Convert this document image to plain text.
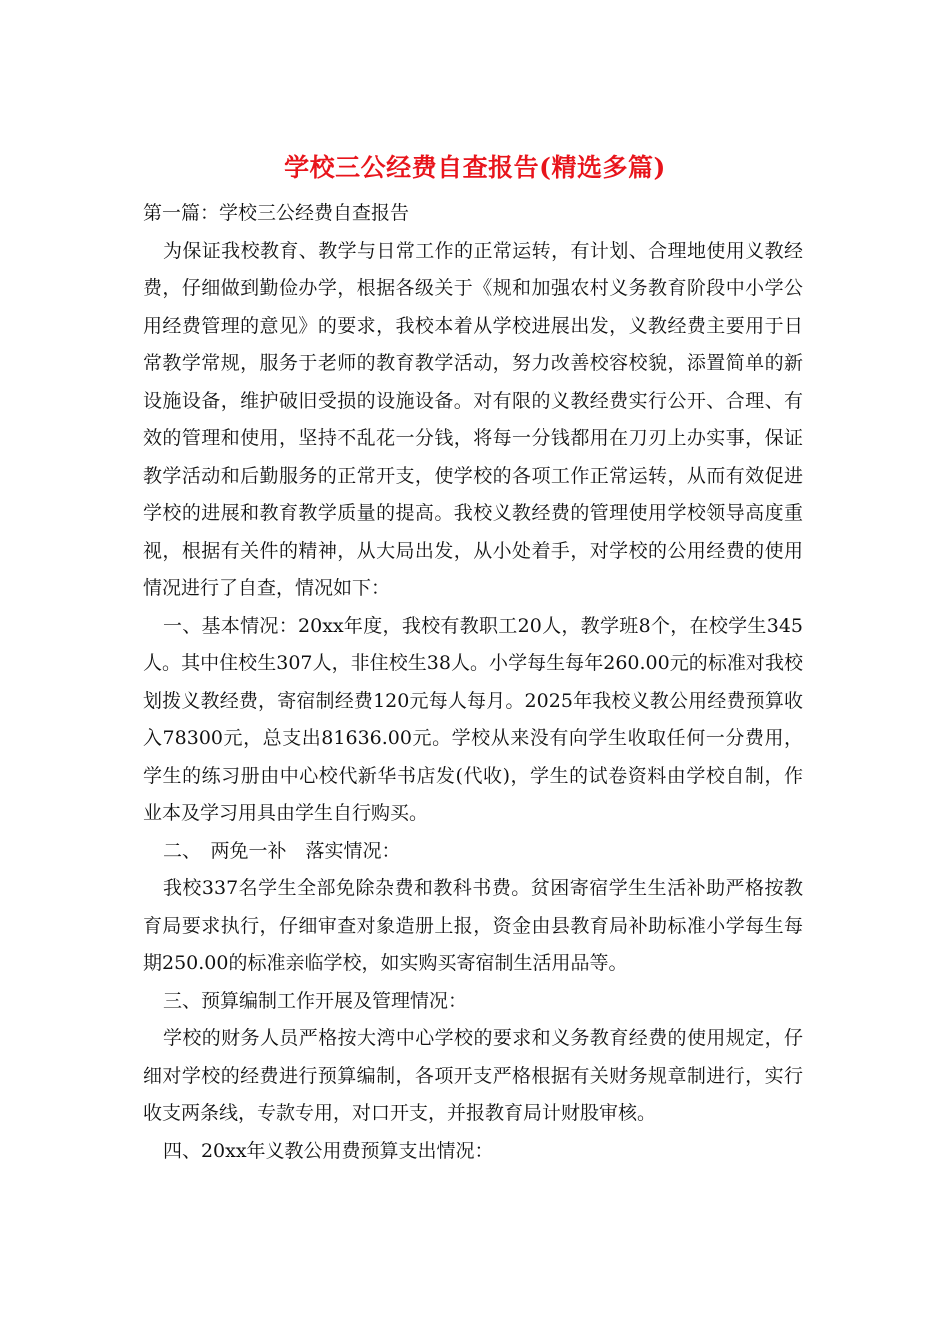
学校三公经费自查报告(精选多篇)

第一篇：学校三公经费自查报告

为保证我校教育、教学与日常工作的正常运转，有计划、合理地使用义教经费，仔细做到勤俭办学，根据各级关于《规和加强农村义务教育阶段中小学公用经费管理的意见》的要求，我校本着从学校进展出发，义教经费主要用于日常教学常规，服务于老师的教育教学活动，努力改善校容校貌，添置简单的新设施设备，维护破旧受损的设施设备。对有限的义教经费实行公开、合理、有效的管理和使用，坚持不乱花一分钱，将每一分钱都用在刀刃上办实事，保证教学活动和后勤服务的正常开支，使学校的各项工作正常运转，从而有效促进学校的进展和教育教学质量的提高。我校义教经费的管理使用学校领导高度重视，根据有关件的精神，从大局出发，从小处着手，对学校的公用经费的使用情况进行了自查，情况如下：

一、基本情况：20xx年度，我校有教职工20人，教学班8个，在校学生345人。其中住校生307人，非住校生38人。小学每生每年260.00元的标准对我校划拨义教经费，寄宿制经费120元每人每月。2025年我校义教公用经费预算收入78300元，总支出81636.00元。学校从来没有向学生收取任何一分费用，学生的练习册由中心校代新华书店发(代收)，学生的试卷资料由学校自制，作业本及学习用具由学生自行购买。

二、　两免一补　落实情况：

我校337名学生全部免除杂费和教科书费。贫困寄宿学生生活补助严格按教育局要求执行，仔细审查对象造册上报，资金由县教育局补助标准小学每生每期250.00的标准亲临学校，如实购买寄宿制生活用品等。

三、预算编制工作开展及管理情况：

学校的财务人员严格按大湾中心学校的要求和义务教育经费的使用规定，仔细对学校的经费进行预算编制，各项开支严格根据有关财务规章制进行，实行收支两条线，专款专用，对口开支，并报教育局计财股审核。

四、20xx年义教公用费预算支出情况：
